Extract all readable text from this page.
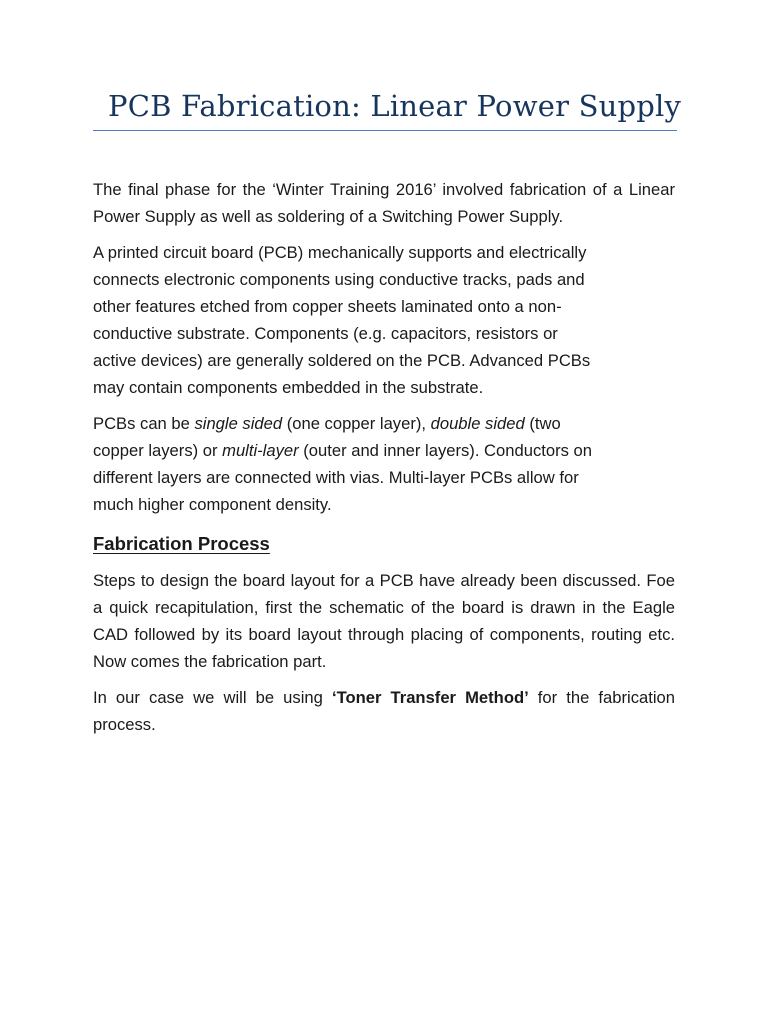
PCB Fabrication: Linear Power Supply

The final phase for the ‘Winter Training 2016’ involved fabrication of a Linear Power Supply as well as soldering of a Switching Power Supply.

A printed circuit board (PCB) mechanically supports and electrically
connects electronic components using conductive tracks, pads and
other features etched from copper sheets laminated onto a non-
conductive substrate. Components (e.g. capacitors, resistors or
active devices) are generally soldered on the PCB. Advanced PCBs
may contain components embedded in the substrate.

PCBs can be single sided (one copper layer), double sided (two
copper layers) or multi-layer (outer and inner layers). Conductors on
different layers are connected with vias. Multi-layer PCBs allow for
much higher component density.

Fabrication Process

Steps to design the board layout for a PCB have already been discussed. Foe a quick recapitulation, first the schematic of the board is drawn in the Eagle CAD followed by its board layout through placing of components, routing etc. Now comes the fabrication part.

In our case we will be using ‘Toner Transfer Method’ for the fabrication process.
